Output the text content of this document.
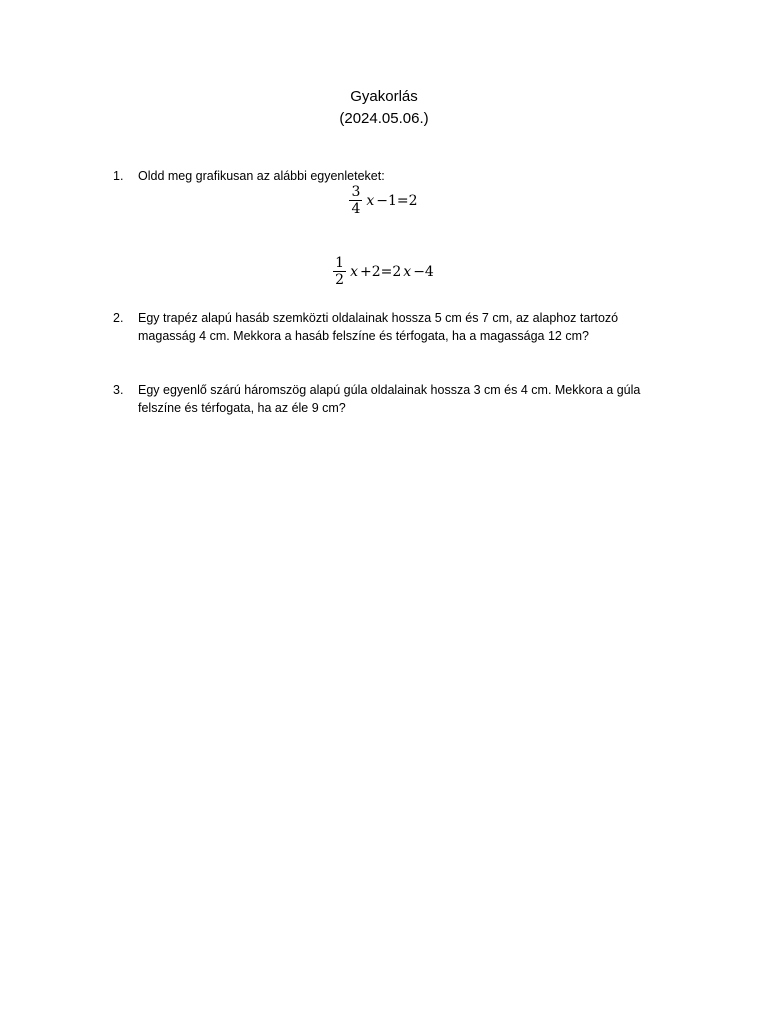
Gyakorlás
(2024.05.06.)
1. Oldd meg grafikusan az alábbi egyenleteket:
$\frac{3}{4}$ x −1=2
$\frac{1}{2}$ x +2=2 x −4
2. Egy trapéz alapú hasáb szemközti oldalainak hossza 5 cm és 7 cm, az alaphoz tartozó magasság 4 cm. Mekkora a hasáb felszíne és térfogata, ha a magassága 12 cm?
3. Egy egyenlő szárú háromszög alapú gúla oldalainak hossza 3 cm és 4 cm. Mekkora a gúla felszíne és térfogata, ha az éle 9 cm?
